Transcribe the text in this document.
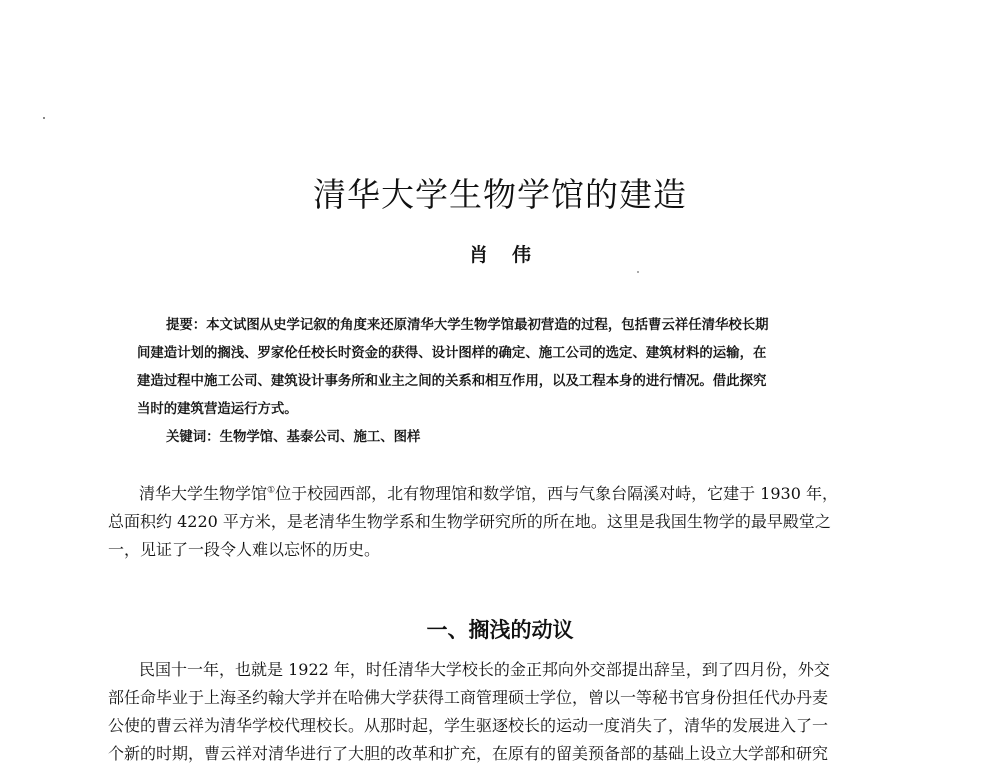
清华大学生物学馆的建造
肖 伟
提要：本文试图从史学记叙的角度来还原清华大学生物学馆最初营造的过程，包括曹云祥任清华校长期
间建造计划的搁浅、罗家伦任校长时资金的获得、设计图样的确定、施工公司的选定、建筑材料的运输，在
建造过程中施工公司、建筑设计事务所和业主之间的关系和相互作用，以及工程本身的进行情况。借此探究
当时的建筑营造运行方式。
关键词：生物学馆、基泰公司、施工、图样
清华大学生物学馆①位于校园西部，北有物理馆和数学馆，西与气象台隔溪对峙，它建于 1930 年，
总面积约 4220 平方米，是老清华生物学系和生物学研究所的所在地。这里是我国生物学的最早殿堂之
一，见证了一段令人难以忘怀的历史。
一、搁浅的动议
民国十一年，也就是 1922 年，时任清华大学校长的金正邦向外交部提出辞呈，到了四月份，外交
部任命毕业于上海圣约翰大学并在哈佛大学获得工商管理硕士学位，曾以一等秘书官身份担任代办丹麦
公使的曹云祥为清华学校代理校长。从那时起，学生驱逐校长的运动一度消失了，清华的发展进入了一
个新的时期，曹云祥对清华进行了大胆的改革和扩充，在原有的留美预备部的基础上设立大学部和研究
